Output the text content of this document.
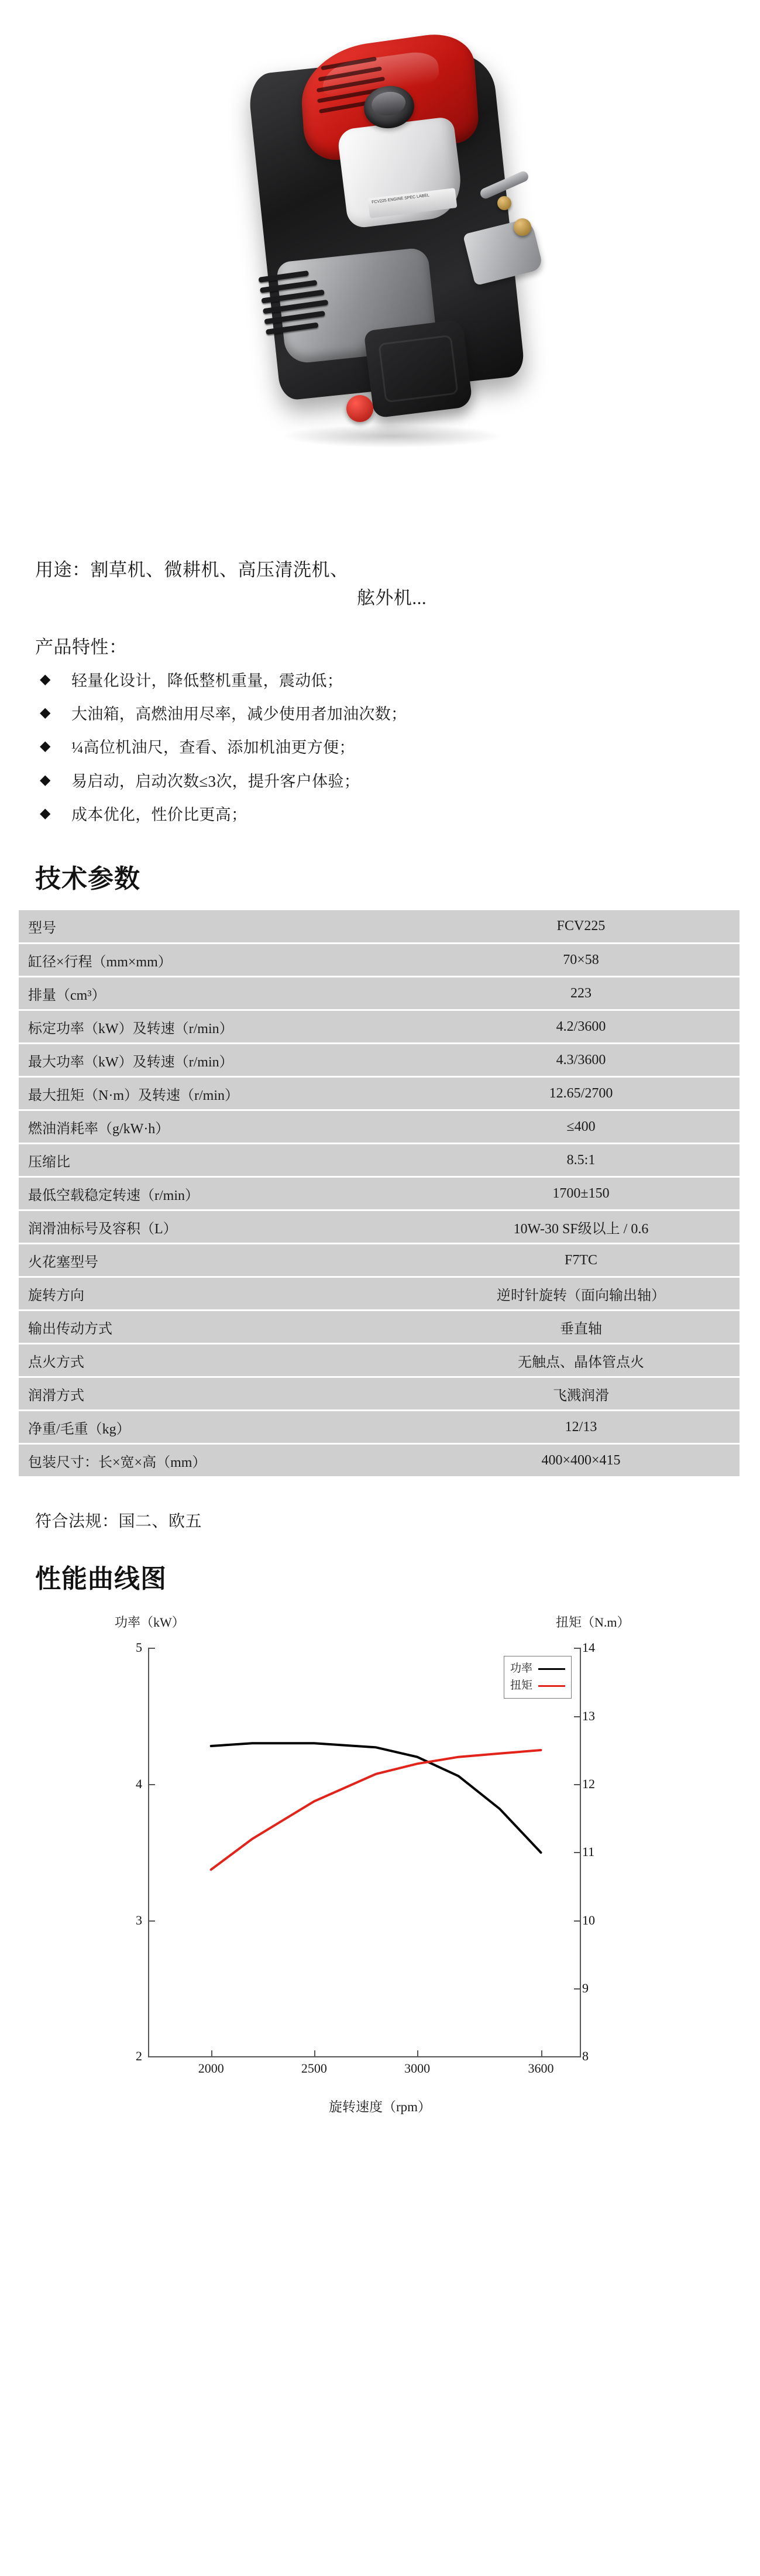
FCV225 ENGINE SPEC LABEL
用途：割草机、微耕机、高压清洗机、
舷外机...
产品特性：
◆ 轻量化设计，降低整机重量，震动低；
◆ 大油箱，高燃油用尽率，减少使用者加油次数；
◆ ¼高位机油尺，查看、添加机油更方便；
◆ 易启动，启动次数≤3次，提升客户体验；
◆ 成本优化，性价比更高；
技术参数
型号	FCV225
缸径×行程（mm×mm）	70×58
排量（cm³）	223
标定功率（kW）及转速（r/min）	4.2/3600
最大功率（kW）及转速（r/min）	4.3/3600
最大扭矩（N·m）及转速（r/min）	12.65/2700
燃油消耗率（g/kW·h）	≤400
压缩比	8.5:1
最低空载稳定转速（r/min）	1700±150
润滑油标号及容积（L）	10W-30 SF级以上 / 0.6
火花塞型号	F7TC
旋转方向	逆时针旋转（面向输出轴）
输出传动方式	垂直轴
点火方式	无触点、晶体管点火
润滑方式	飞溅润滑
净重/毛重（kg）	12/13
包装尺寸：长×宽×高（mm）	400×400×415
符合法规：国二、欧五
性能曲线图
功率（kW）	扭矩（N.m）
5
4
3
2
14
13
12
11
10
9
8
2000	2500	3000	3600
功率
扭矩
旋转速度（rpm）
